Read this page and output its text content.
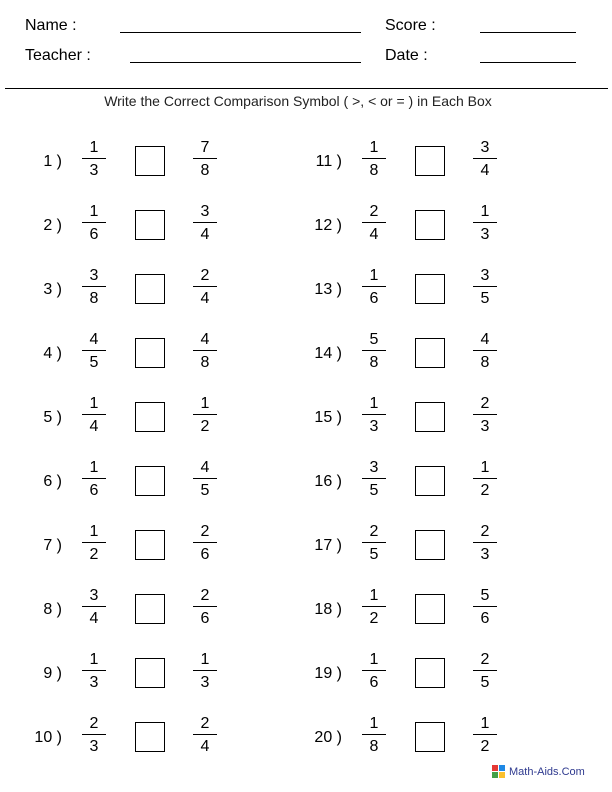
Name :	Score :
Teacher :	Date :
Write the Correct Comparison Symbol ( >, < or = ) in Each Box
1 )
1
3
7
8
2 )
1
6
3
4
3 )
3
8
2
4
4 )
4
5
4
8
5 )
1
4
1
2
6 )
1
6
4
5
7 )
1
2
2
6
8 )
3
4
2
6
9 )
1
3
1
3
10 )
2
3
2
4
11 )
1
8
3
4
12 )
2
4
1
3
13 )
1
6
3
5
14 )
5
8
4
8
15 )
1
3
2
3
16 )
3
5
1
2
17 )
2
5
2
3
18 )
1
2
5
6
19 )
1
6
2
5
20 )
1
8
1
2
Math-Aids.Com
